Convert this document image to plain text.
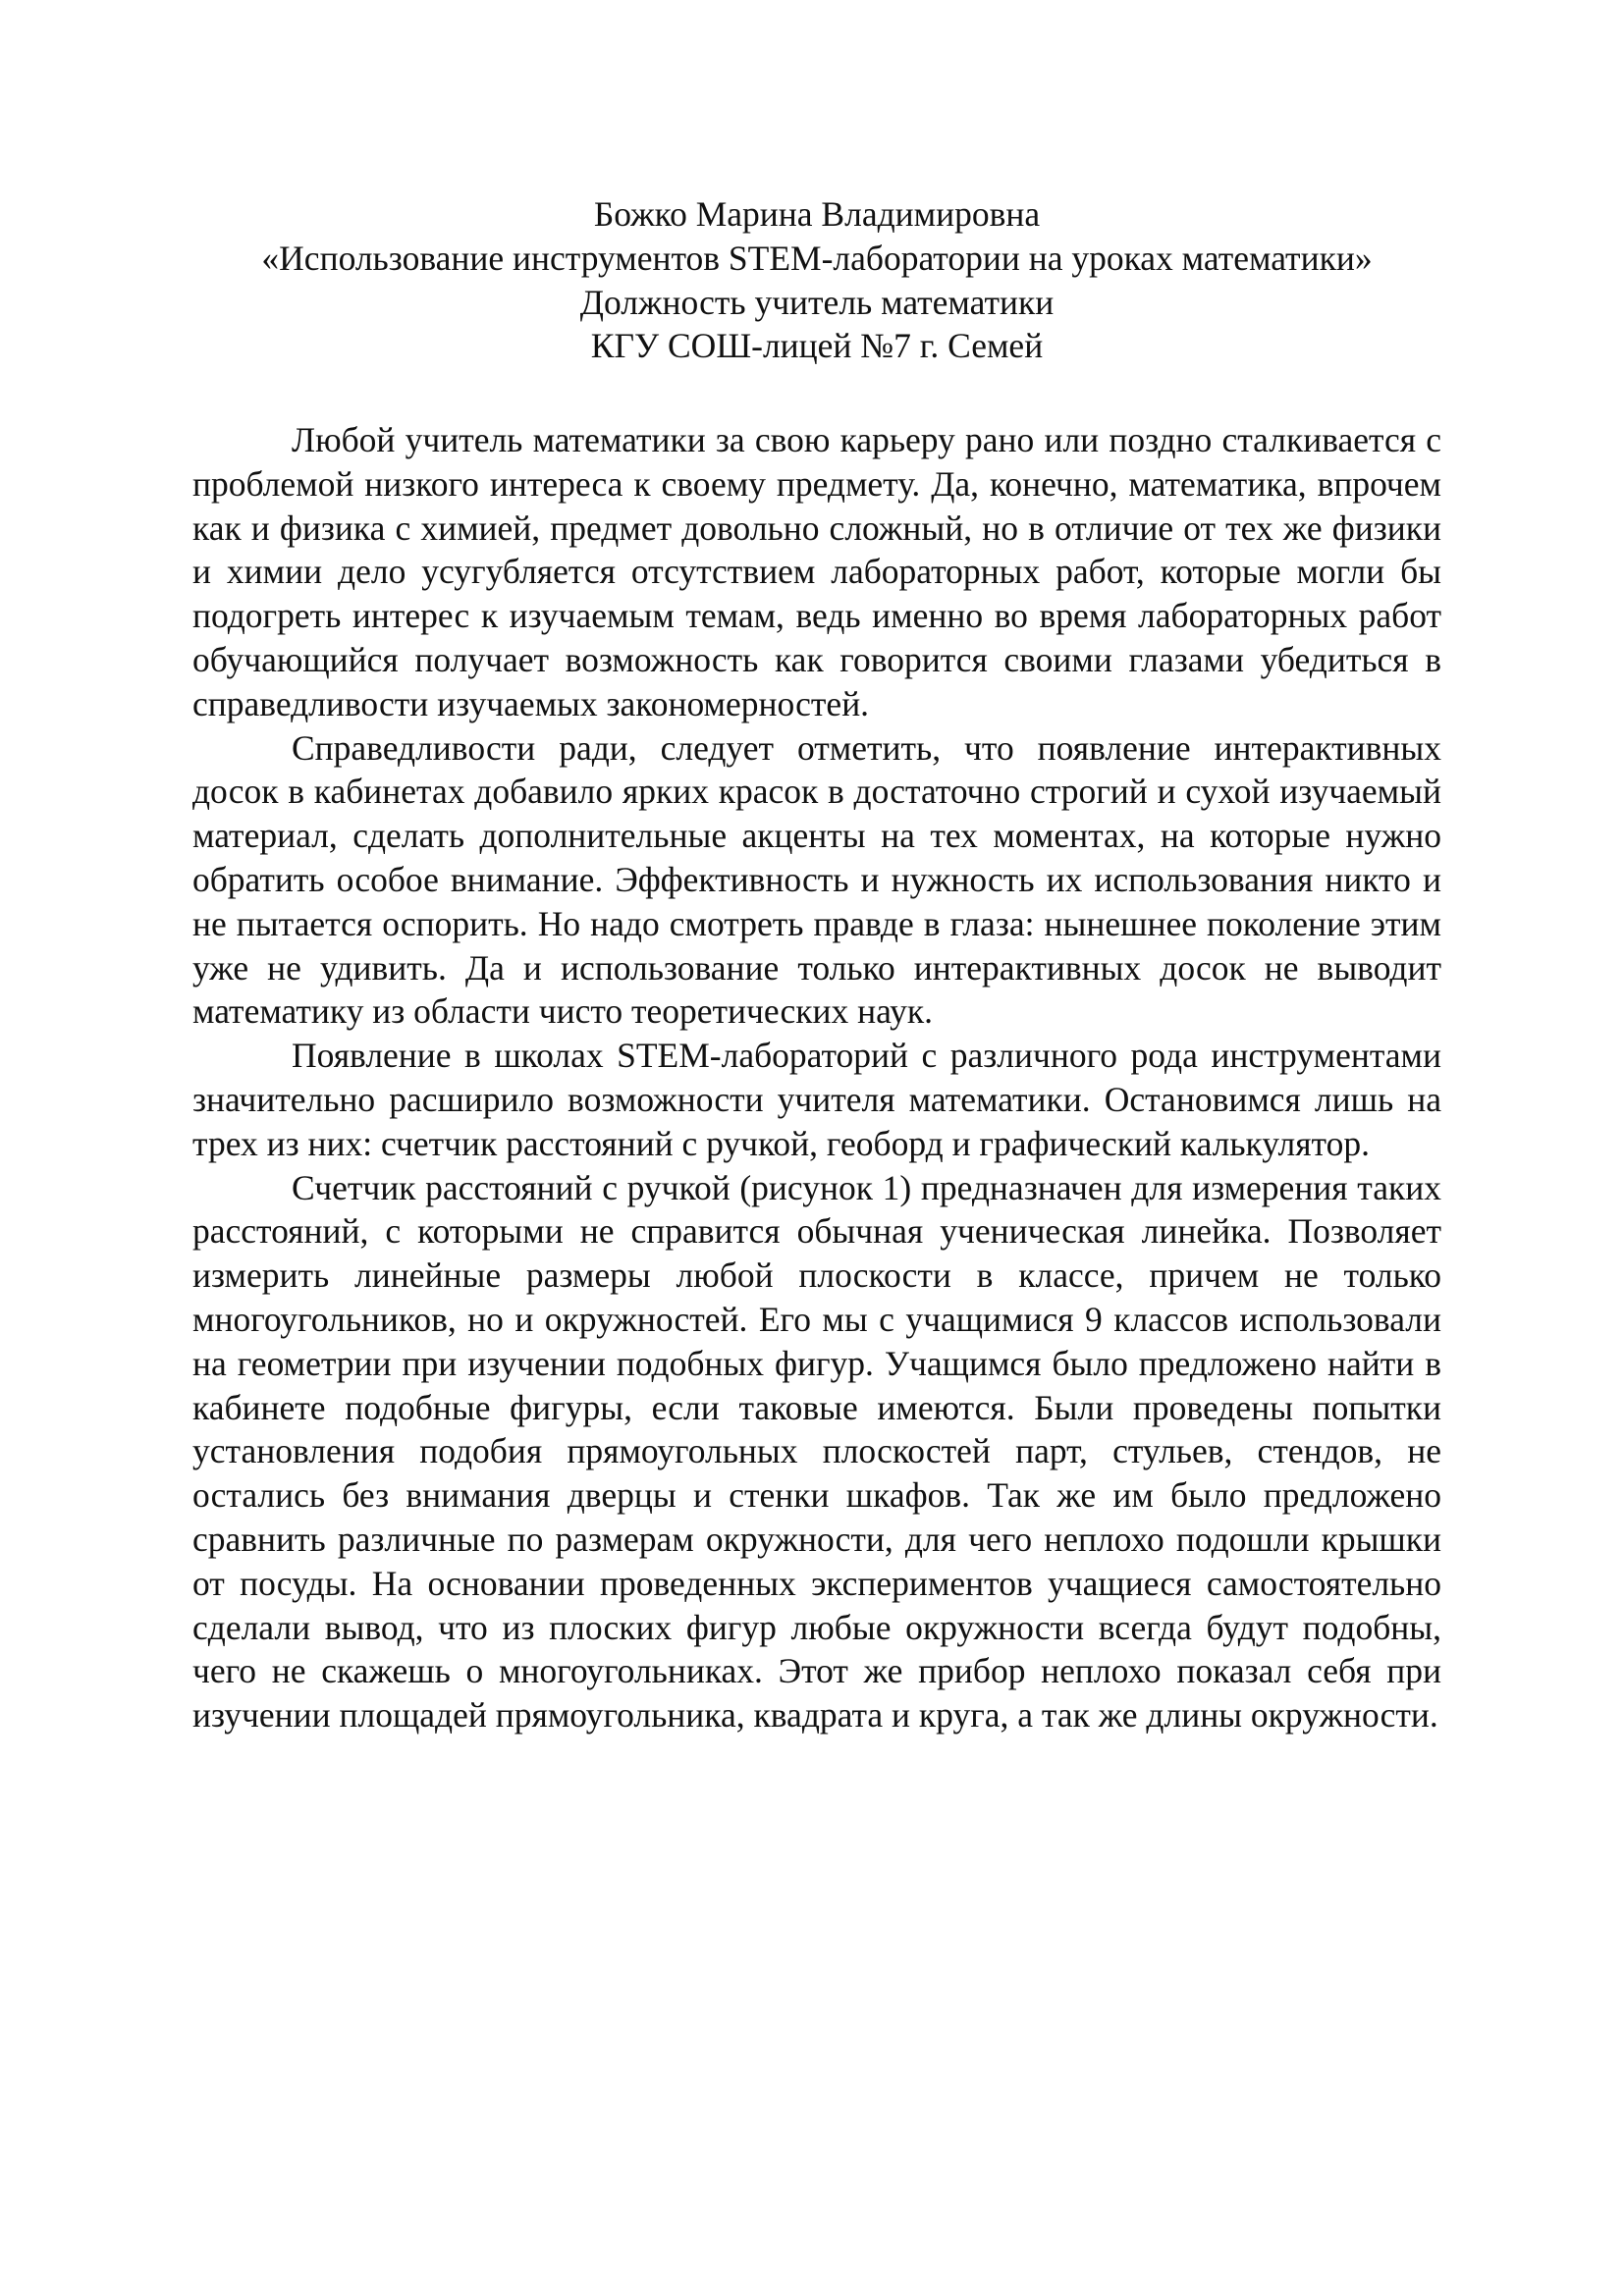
Божко Марина Владимировна
«Использование инструментов STEM-лаборатории на уроках математики»
Должность учитель математики
КГУ СОШ-лицей №7 г. Семей

Любой учитель математики за свою карьеру рано или поздно сталкивается с проблемой низкого интереса к своему предмету. Да, конечно, математика, впрочем как и физика с химией, предмет довольно сложный, но в отличие от тех же физики и химии дело усугубляется отсутствием лабораторных работ, которые могли бы подогреть интерес к изучаемым темам, ведь именно во время лабораторных работ обучающийся получает возможность как говорится своими глазами убедиться в справедливости изучаемых закономерностей.

Справедливости ради, следует отметить, что появление интерактивных досок в кабинетах добавило ярких красок в достаточно строгий и сухой изучаемый материал, сделать дополнительные акценты на тех моментах, на которые нужно обратить особое внимание. Эффективность и нужность их использования никто и не пытается оспорить. Но надо смотреть правде в глаза: нынешнее поколение этим уже не удивить. Да и использование только интерактивных досок не выводит математику из области чисто теоретических наук.

Появление в школах STEM-лабораторий с различного рода инструментами значительно расширило возможности учителя математики. Остановимся лишь на трех из них: счетчик расстояний с ручкой, геоборд и графический калькулятор.

Счетчик расстояний с ручкой (рисунок 1) предназначен для измерения таких расстояний, с которыми не справится обычная ученическая линейка. Позволяет измерить линейные размеры любой плоскости в классе, причем не только многоугольников, но и окружностей. Его мы с учащимися 9 классов использовали на геометрии при изучении подобных фигур. Учащимся было предложено найти в кабинете подобные фигуры, если таковые имеются. Были проведены попытки установления подобия прямоугольных плоскостей парт, стульев, стендов, не остались без внимания дверцы и стенки шкафов. Так же им было предложено сравнить различные по размерам окружности, для чего неплохо подошли крышки от посуды. На основании проведенных экспериментов учащиеся самостоятельно сделали вывод, что из плоских фигур любые окружности всегда будут подобны, чего не скажешь о многоугольниках. Этот же прибор неплохо показал себя при изучении площадей прямоугольника, квадрата и круга, а так же длины окружности.
